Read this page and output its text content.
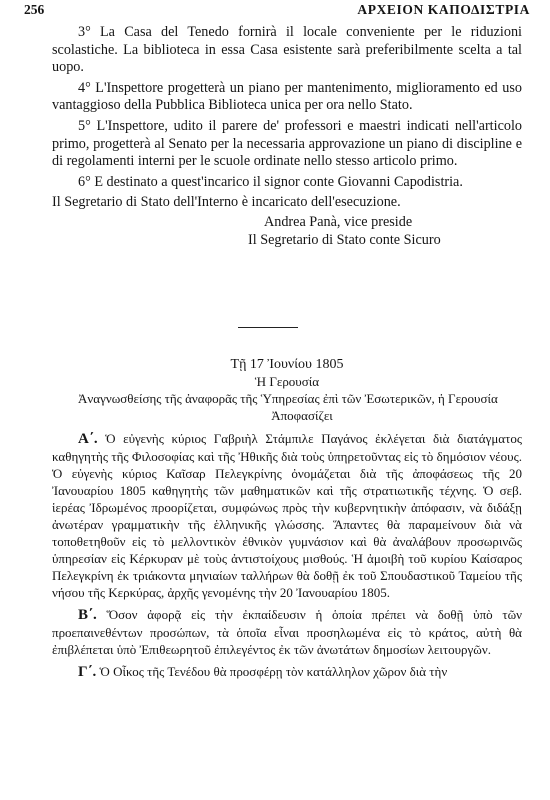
256	ΑΡΧΕΙΟΝ ΚΑΠΟΔΙΣΤΡΙΑ

3° La Casa del Tenedo fornirà il locale conveniente per le riduzioni scolastiche. La biblioteca in essa Casa esistente sarà preferibilmente scelta a tal uopo.

4° L'Inspettore progetterà un piano per mantenimento, miglioramento ed uso vantaggioso della Pubblica Biblioteca unica per ora nello Stato.

5° L'Inspettore, udito il parere de' professori e maestri indicati nell'articolo primo, progetterà al Senato per la necessaria approvazione un piano di discipline e di regolamenti interni per le scuole ordinate nello stesso articolo primo.

6° E destinato a quest'incarico il signor conte Giovanni Capodistria.

Il Segretario di Stato dell'Interno è incaricato dell'esecuzione.

Andrea Panà, vice preside

Il Segretario di Stato conte Sicuro

Τῇ 17 Ἰουνίου 1805

Ἡ Γερουσία

Ἀναγνωσθείσης τῆς ἀναφορᾶς τῆς Ὑπηρεσίας ἐπὶ τῶν Ἐσωτερικῶν, ἡ Γερουσία

Ἀποφασίζει

Α΄. Ὁ εὐγενὴς κύριος Γαβριὴλ Στάμπιλε Παγάνος ἐκλέγεται διὰ διατάγματος καθηγητὴς τῆς Φιλοσοφίας καὶ τῆς Ἠθικῆς διὰ τοὺς ὑπηρετοῦντας εἰς τὸ δημόσιον νέους. Ὁ εὐγενὴς κύριος Καῖσαρ Πελεγκρίνης ὀνομάζεται διὰ τῆς ἀποφάσεως τῆς 20 Ἰανουαρίου 1805 καθηγητὴς τῶν μαθηματικῶν καὶ τῆς στρατιωτικῆς τέχνης. Ὁ σεβ. ἱερέας Ἰδρωμένος προορίζεται, συμφώνως πρὸς τὴν κυβερνητικὴν ἀπόφασιν, νὰ διδάξῃ ἀνωτέραν γραμματικὴν τῆς ἑλληνικῆς γλώσσης. Ἅπαντες θὰ παραμείνουν διὰ νὰ τοποθετηθοῦν εἰς τὸ μελλοντικὸν ἐθνικὸν γυμνάσιον καὶ θὰ ἀναλάβουν προσωρινῶς ὑπηρεσίαν εἰς Κέρκυραν μὲ τοὺς ἀντιστοίχους μισθούς. Ἡ ἀμοιβὴ τοῦ κυρίου Καίσαρος Πελεγκρίνη ἐκ τριάκοντα μηνιαίων ταλλήρων θὰ δοθῇ ἐκ τοῦ Σπουδαστικοῦ Ταμείου τῆς νήσου τῆς Κερκύρας, ἀρχῆς γενομένης τὴν 20 Ἰανουαρίου 1805.

Β΄. Ὅσον ἀφορᾷ εἰς τὴν ἐκπαίδευσιν ἡ ὁποία πρέπει νὰ δοθῇ ὑπὸ τῶν προεπαινεθέντων προσώπων, τὰ ὁποῖα εἶναι προσηλωμένα εἰς τὸ κράτος, αὐτὴ θὰ ἐπιβλέπεται ὑπὸ Ἐπιθεωρητοῦ ἐπιλεγέντος ἐκ τῶν ἀνωτάτων δημοσίων λειτουργῶν.

Γ΄. Ὁ Οἶκος τῆς Τενέδου θὰ προσφέρῃ τὸν κατάλληλον χῶρον διὰ τὴν
